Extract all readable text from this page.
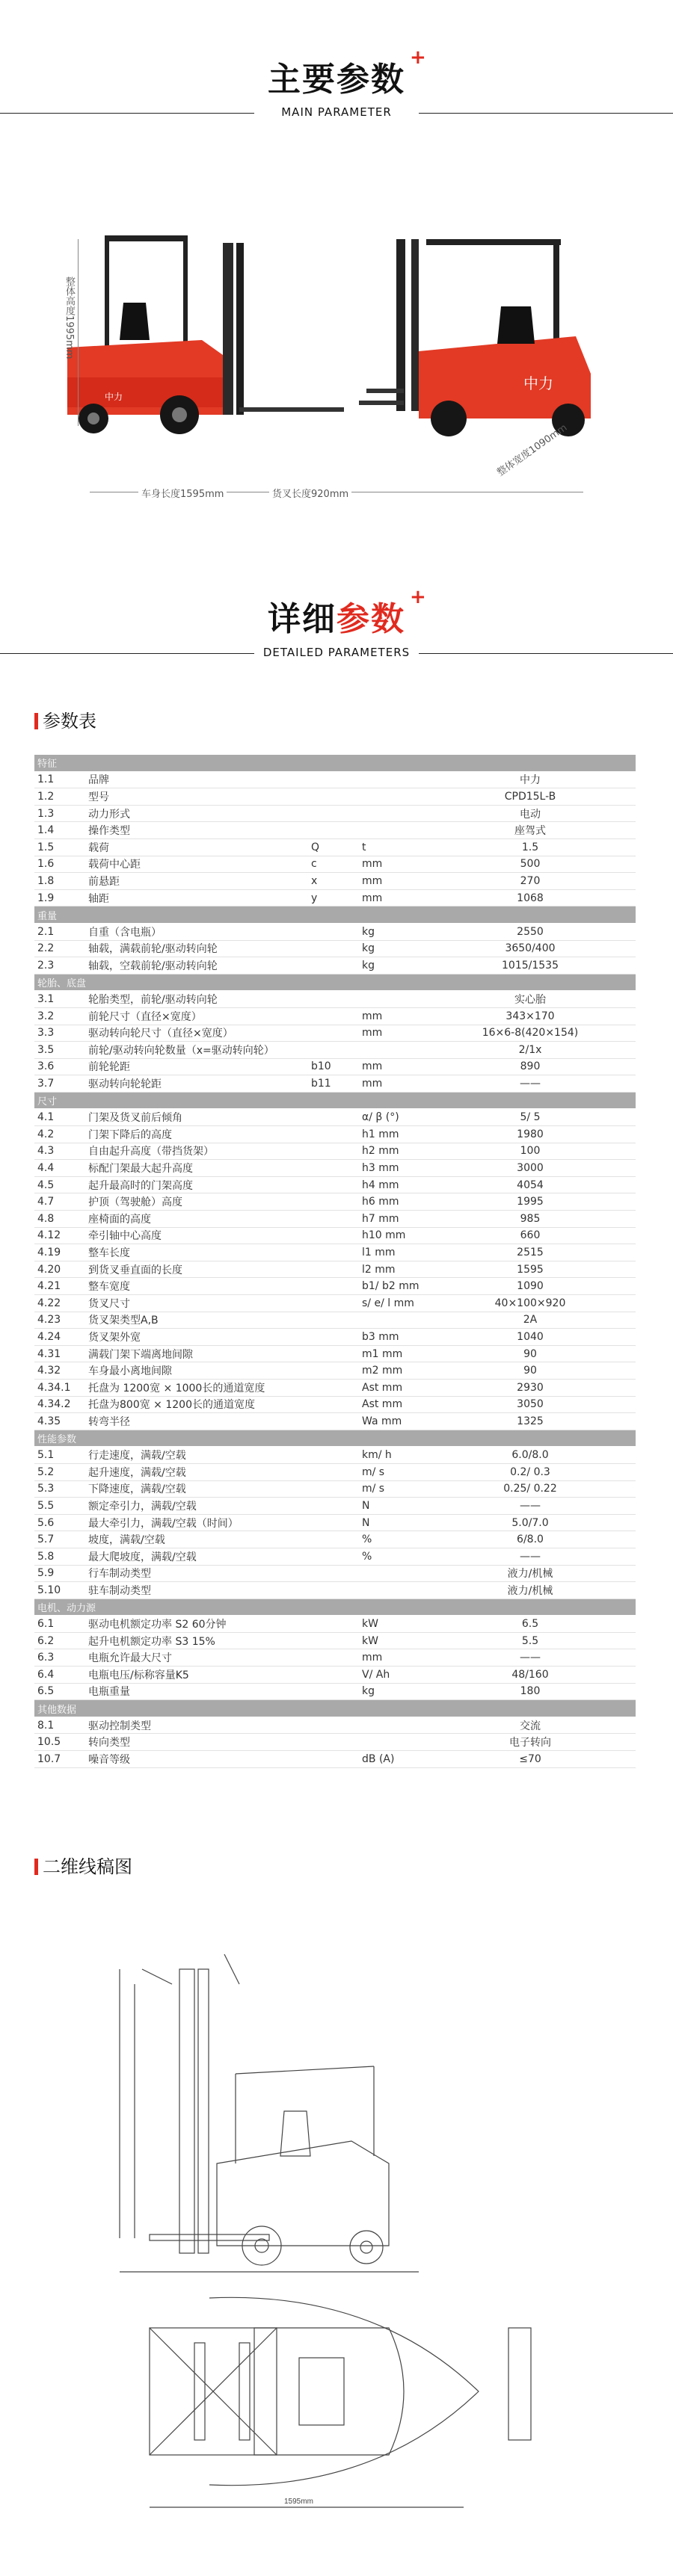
主要参数
+
MAIN PARAMETER
中力
中力
整体高度1995mm
车身长度1595mm	货叉长度920mm
整体宽度1090mm
详细参数
+
DETAILED PARAMETERS
参数表
特征				
1.1	品牌			中力
1.2	型号			CPD15L-B
1.3	动力形式			电动
1.4	操作类型			座驾式
1.5	载荷	Q	t	1.5
1.6	载荷中心距	c	mm	500
1.8	前悬距	x	mm	270
1.9	轴距	y	mm	1068
重量				
2.1	自重（含电瓶）		kg	2550
2.2	轴载，满载前轮/驱动转向轮		kg	3650/400
2.3	轴载，空载前轮/驱动转向轮		kg	1015/1535
轮胎、底盘				
3.1	轮胎类型，前轮/驱动转向轮			实心胎
3.2	前轮尺寸（直径×宽度）		mm	343×170
3.3	驱动转向轮尺寸（直径×宽度）		mm	16×6-8(420×154)
3.5	前轮/驱动转向轮数量（x=驱动转向轮）			2/1x
3.6	前轮轮距	b10	mm	890
3.7	驱动转向轮轮距	b11	mm	——
尺寸				
4.1	门架及货叉前后倾角		α/ β (°)	5/ 5
4.2	门架下降后的高度		h1 mm	1980
4.3	自由起升高度（带挡货架）		h2 mm	100
4.4	标配门架最大起升高度		h3 mm	3000
4.5	起升最高时的门架高度		h4 mm	4054
4.7	护顶（驾驶舱）高度		h6 mm	1995
4.8	座椅面的高度		h7 mm	985
4.12	牵引轴中心高度		h10 mm	660
4.19	整车长度		l1 mm	2515
4.20	到货叉垂直面的长度		l2 mm	1595
4.21	整车宽度		b1/ b2 mm	1090
4.22	货叉尺寸		s/ e/ l mm	40×100×920
4.23	货叉架类型A,B			2A
4.24	货叉架外宽		b3 mm	1040
4.31	满载门架下端离地间隙		m1 mm	90
4.32	车身最小离地间隙		m2 mm	90
4.34.1	托盘为 1200宽 × 1000长的通道宽度		Ast mm	2930
4.34.2	托盘为800宽 × 1200长的通道宽度		Ast mm	3050
4.35	转弯半径		Wa mm	1325
性能参数				
5.1	行走速度，满载/空载		km/ h	6.0/8.0
5.2	起升速度，满载/空载		m/ s	0.2/ 0.3
5.3	下降速度，满载/空载		m/ s	0.25/ 0.22
5.5	额定牵引力，满载/空载		N	——
5.6	最大牵引力，满载/空载（时间）		N	5.0/7.0
5.7	坡度，满载/空载		%	6/8.0
5.8	最大爬坡度，满载/空载		%	——
5.9	行车制动类型			液力/机械
5.10	驻车制动类型			液力/机械
电机、动力源				
6.1	驱动电机额定功率 S2 60分钟		kW	6.5
6.2	起升电机额定功率 S3 15%		kW	5.5
6.3	电瓶允许最大尺寸		mm	——
6.4	电瓶电压/标称容量K5		V/ Ah	48/160
6.5	电瓶重量		kg	180
其他数据				
8.1	驱动控制类型			交流
10.5	转向类型			电子转向
10.7	噪音等级		dB (A)	≤70
二维线稿图
1595mm
